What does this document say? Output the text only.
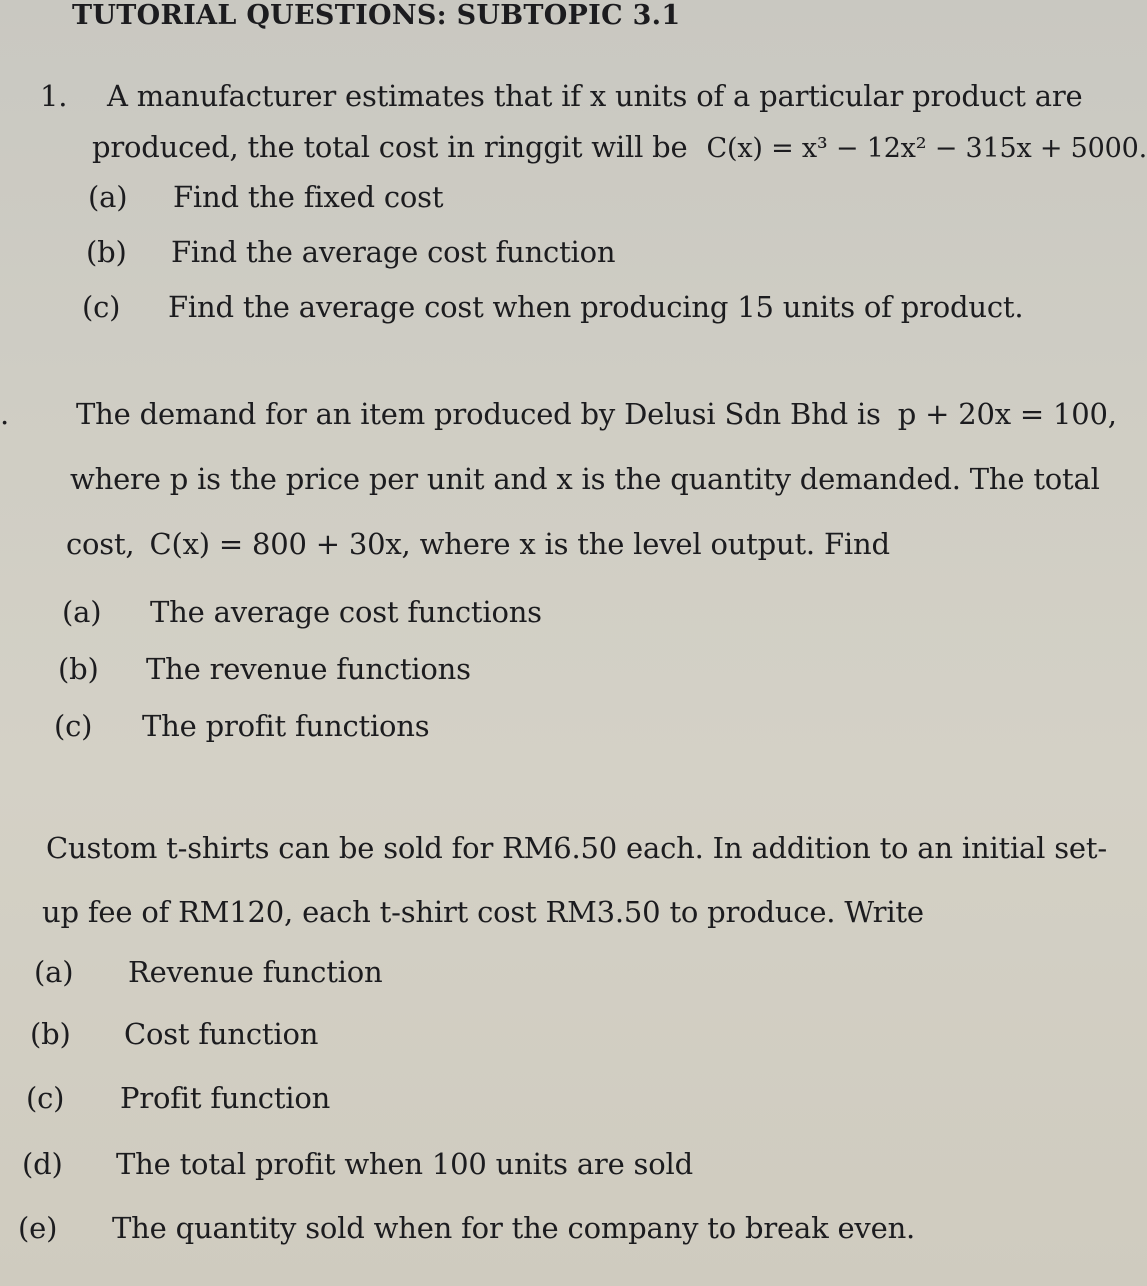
TUTORIAL QUESTIONS: SUBTOPIC 3.1
1. A manufacturer estimates that if x units of a particular product are
produced, the total cost in ringgit will be C(x) = x³ − 12x² − 315x + 5000.
(a) Find the fixed cost
(b) Find the average cost function
(c) Find the average cost when producing 15 units of product.
. The demand for an item produced by Delusi Sdn Bhd is p + 20x = 100,
where p is the price per unit and x is the quantity demanded. The total
cost, C(x) = 800 + 30x, where x is the level output. Find
(a) The average cost functions
(b) The revenue functions
(c) The profit functions
Custom t-shirts can be sold for RM6.50 each. In addition to an initial set-
up fee of RM120, each t-shirt cost RM3.50 to produce. Write
(a) Revenue function
(b) Cost function
(c) Profit function
(d) The total profit when 100 units are sold
(e) The quantity sold when for the company to break even.
